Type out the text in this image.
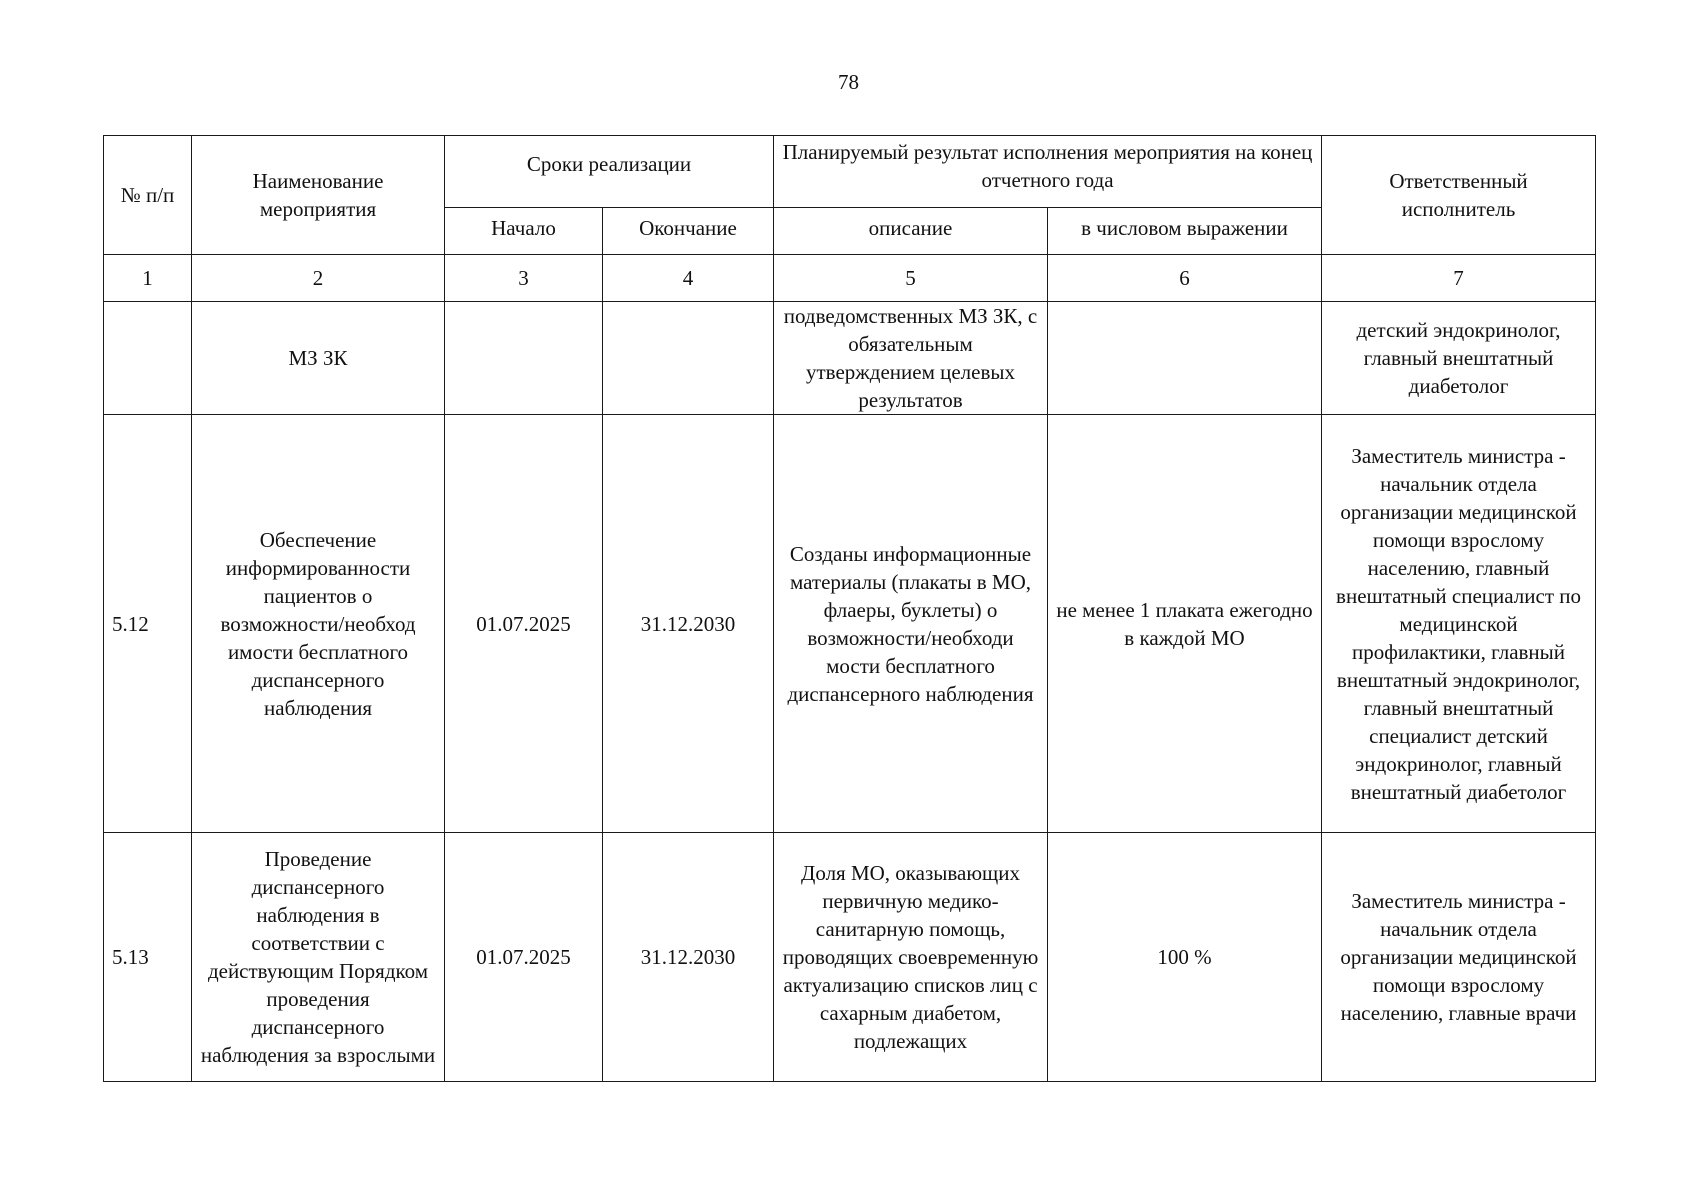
78
№ п/п	Наименование мероприятия	Сроки реализации		Планируемый результат исполнения мероприятия на конец отчетного года		Ответственный исполнитель
		Начало	Окончание	описание	в числовом выражении	
1	2	3	4	5	6	7
	МЗ ЗК			подведомственных МЗ ЗК, с обязательным утверждением целевых результатов		детский эндокринолог, главный внештатный диабетолог
5.12	Обеспечение информированности пациентов о возможности/необход имости бесплатного диспансерного наблюдения	01.07.2025	31.12.2030	Созданы информационные материалы (плакаты в МО, флаеры, буклеты) о возможности/необходи мости бесплатного диспансерного наблюдения	не менее 1 плаката ежегодно в каждой МО	Заместитель министра - начальник отдела организации медицинской помощи взрослому населению, главный внештатный специалист по медицинской профилактики, главный внештатный эндокринолог, главный внештатный специалист детский эндокринолог, главный внештатный диабетолог
5.13	Проведение диспансерного наблюдения в соответствии с действующим Порядком проведения диспансерного наблюдения за взрослыми	01.07.2025	31.12.2030	Доля МО, оказывающих первичную медико-санитарную помощь, проводящих своевременную актуализацию списков лиц с сахарным диабетом, подлежащих	100 %	Заместитель министра - начальник отдела организации медицинской помощи взрослому населению, главные врачи
